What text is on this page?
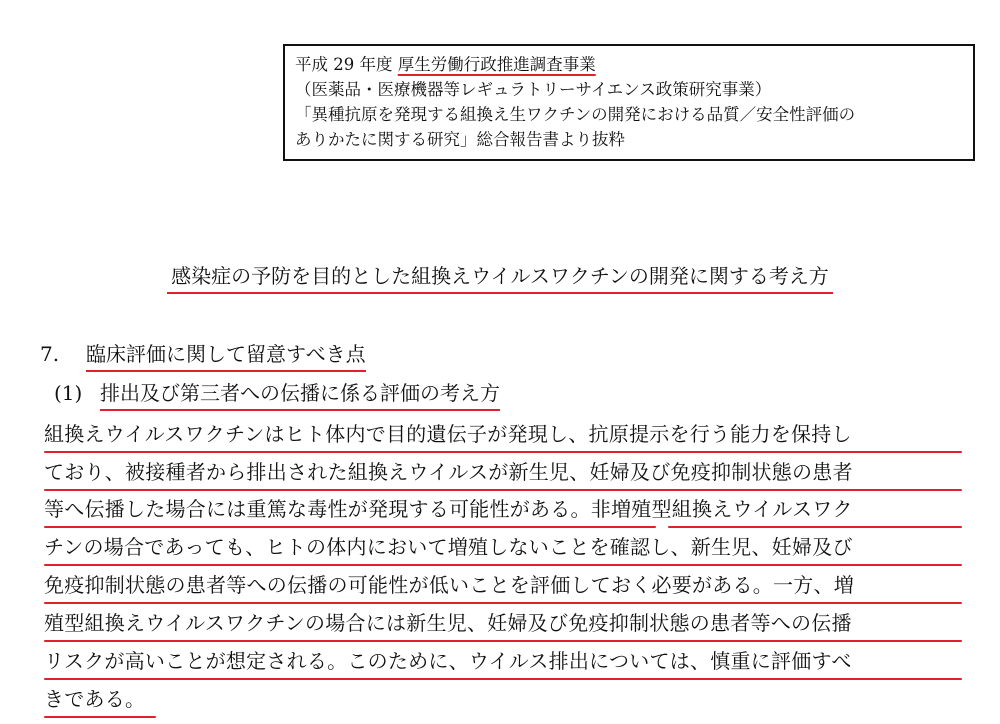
平成 29 年度 厚生労働行政推進調査事業
（医薬品・医療機器等レギュラトリーサイエンス政策研究事業）
「異種抗原を発現する組換え生ワクチンの開発における品質／安全性評価の
ありかたに関する研究」総合報告書より抜粋
感染症の予防を目的とした組換えウイルスワクチンの開発に関する考え方
7. 臨床評価に関して留意すべき点
(1) 排出及び第三者への伝播に係る評価の考え方
組換えウイルスワクチンはヒト体内で目的遺伝子が発現し、抗原提示を行う能力を保持し
ており、被接種者から排出された組換えウイルスが新生児、妊婦及び免疫抑制状態の患者
等へ伝播した場合には重篤な毒性が発現する可能性がある。非増殖型組換えウイルスワク
チンの場合であっても、ヒトの体内において増殖しないことを確認し、新生児、妊婦及び
免疫抑制状態の患者等への伝播の可能性が低いことを評価しておく必要がある。一方、増
殖型組換えウイルスワクチンの場合には新生児、妊婦及び免疫抑制状態の患者等への伝播
リスクが高いことが想定される。このために、ウイルス排出については、慎重に評価すべ
きである。
